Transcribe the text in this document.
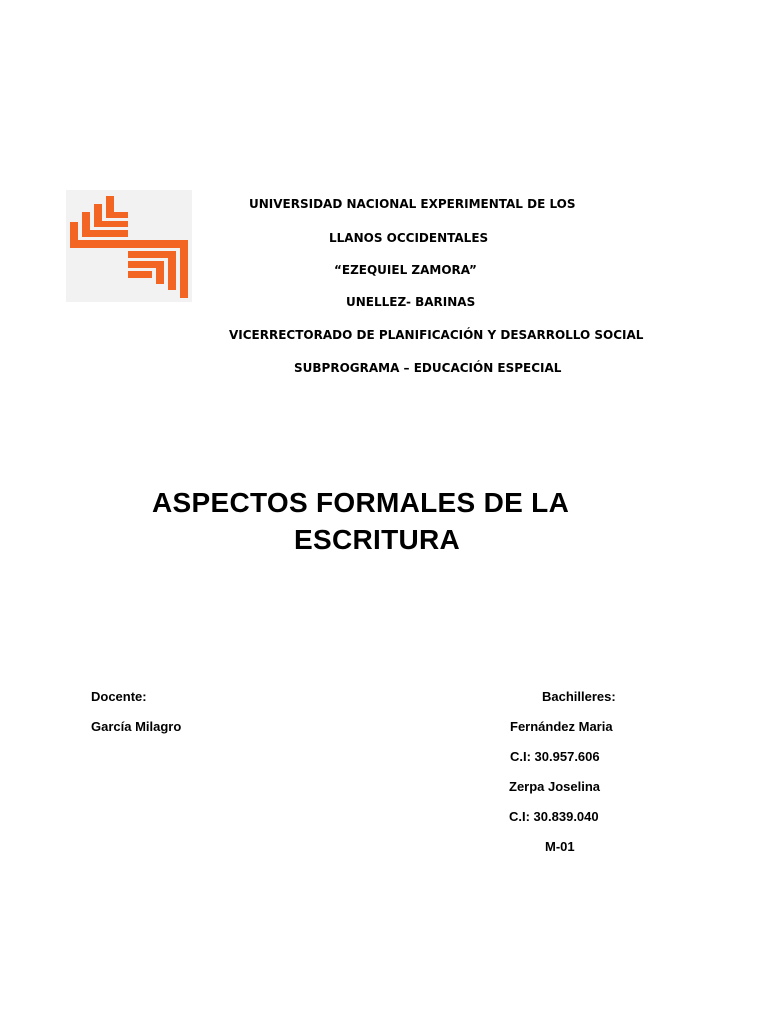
UNIVERSIDAD NACIONAL EXPERIMENTAL DE LOS
LLANOS OCCIDENTALES
“EZEQUIEL ZAMORA”
UNELLEZ- BARINAS
VICERRECTORADO DE PLANIFICACIÓN Y DESARROLLO SOCIAL
SUBPROGRAMA – EDUCACIÓN ESPECIAL
ASPECTOS FORMALES DE LA
ESCRITURA
Docente:
García Milagro
Bachilleres:
Fernández Maria
C.I: 30.957.606
Zerpa Joselina
C.I: 30.839.040
M-01
